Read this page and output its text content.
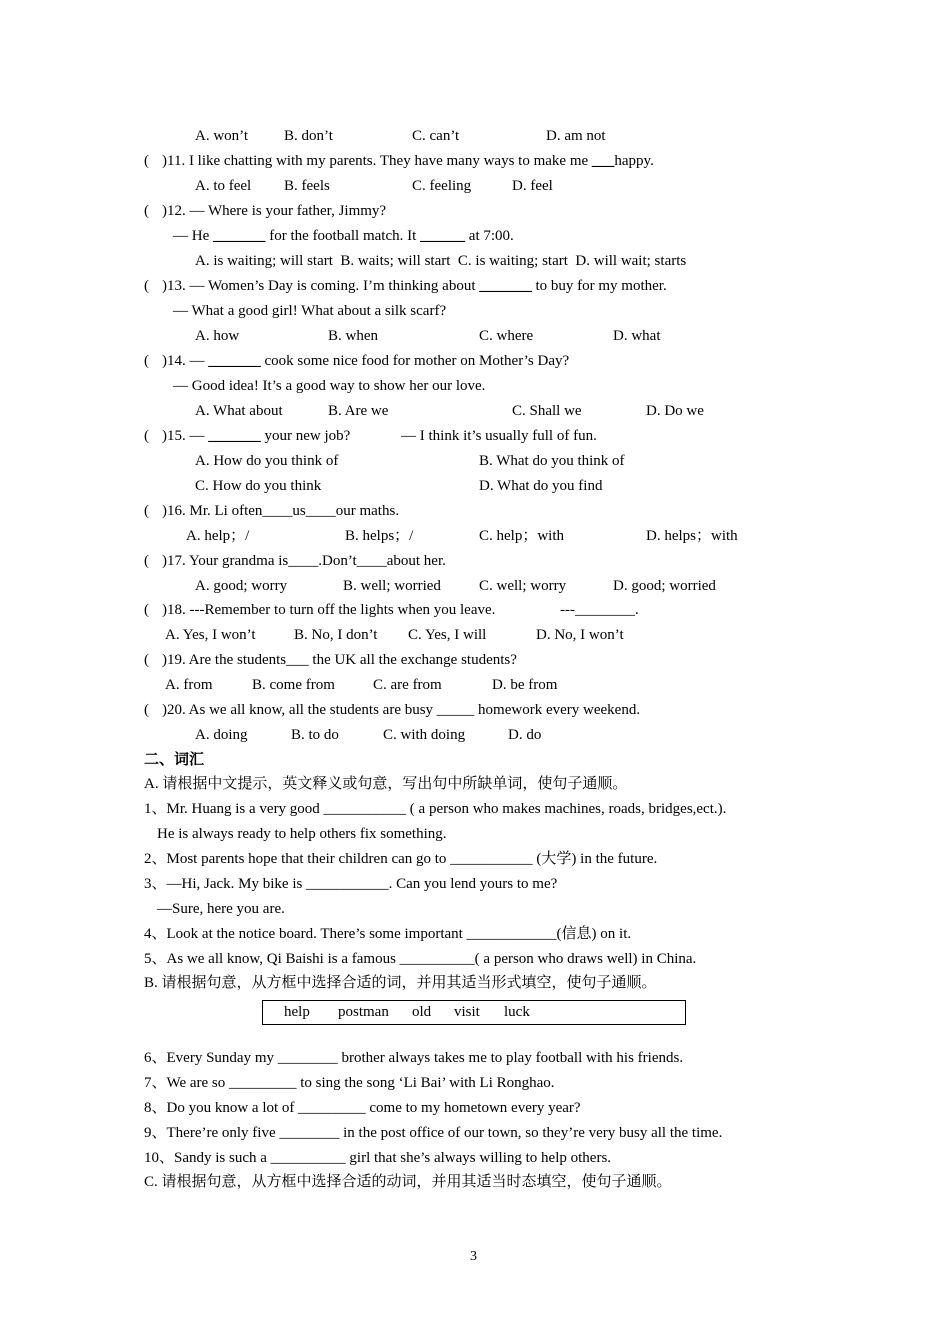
A. won’t B. don’t	C. can’t	D. am not
( )11. I like chatting with my parents. They have many ways to make me ___happy.
A. to feel B. feels	C. feeling	D. feel
( )12. — Where is your father, Jimmy?
— He _______ for the football match. It ______ at 7:00.
A. is waiting; will start  B. waits; will start  C. is waiting; start  D. will wait; starts
( )13. — Women’s Day is coming. I’m thinking about _______ to buy for my mother.
— What a good girl! What about a silk scarf?
A. how	B. when	C. where	D. what
( )14. — _______ cook some nice food for mother on Mother’s Day?
— Good idea! It’s a good way to show her our love.
A. What about	B. Are we	C. Shall we	D. Do we
( )15. — _______ your new job?	— I think it’s usually full of fun.
A. How do you think of	B. What do you think of
C. How do you think	D. What do you find
( )16. Mr. Li often____us____our maths.
A. help；/	B. helps；/	C. help；with	D. helps；with
( )17. Your grandma is____.Don’t____about her.
A. good; worry	B. well; worried	C. well; worry	D. good; worried
( )18. ---Remember to turn off the lights when you leave.	---________.
A. Yes, I won’t	B. No, I don’t C. Yes, I will	D. No, I won’t
( )19. Are the students___ the UK all the exchange students?
A. from	B. come from	C. are from	D. be from
( )20. As we all know, all the students are busy _____ homework every weekend.
A. doing	B. to do	C. with doing	D. do
二、词汇
A. 请根据中文提示，英文释义或句意，写出句中所缺单词，使句子通顺。
1、Mr. Huang is a very good ___________ ( a person who makes machines, roads, bridges,ect.).
He is always ready to help others fix something.
2、Most parents hope that their children can go to ___________ (大学) in the future.
3、—Hi, Jack. My bike is ___________. Can you lend yours to me?
—Sure, here you are.
4、Look at the notice board. There’s some important ____________(信息) on it.
5、As we all know, Qi Baishi is a famous __________( a person who draws well) in China.
B. 请根据句意，从方框中选择合适的词，并用其适当形式填空，使句子通顺。
help postman old visit luck
6、Every Sunday my ________ brother always takes me to play football with his friends.
7、We are so _________ to sing the song ‘Li Bai’ with Li Ronghao.
8、Do you know a lot of _________ come to my hometown every year?
9、There’re only five ________ in the post office of our town, so they’re very busy all the time.
10、Sandy is such a __________ girl that she’s always willing to help others.
C. 请根据句意，从方框中选择合适的动词，并用其适当时态填空，使句子通顺。
3
